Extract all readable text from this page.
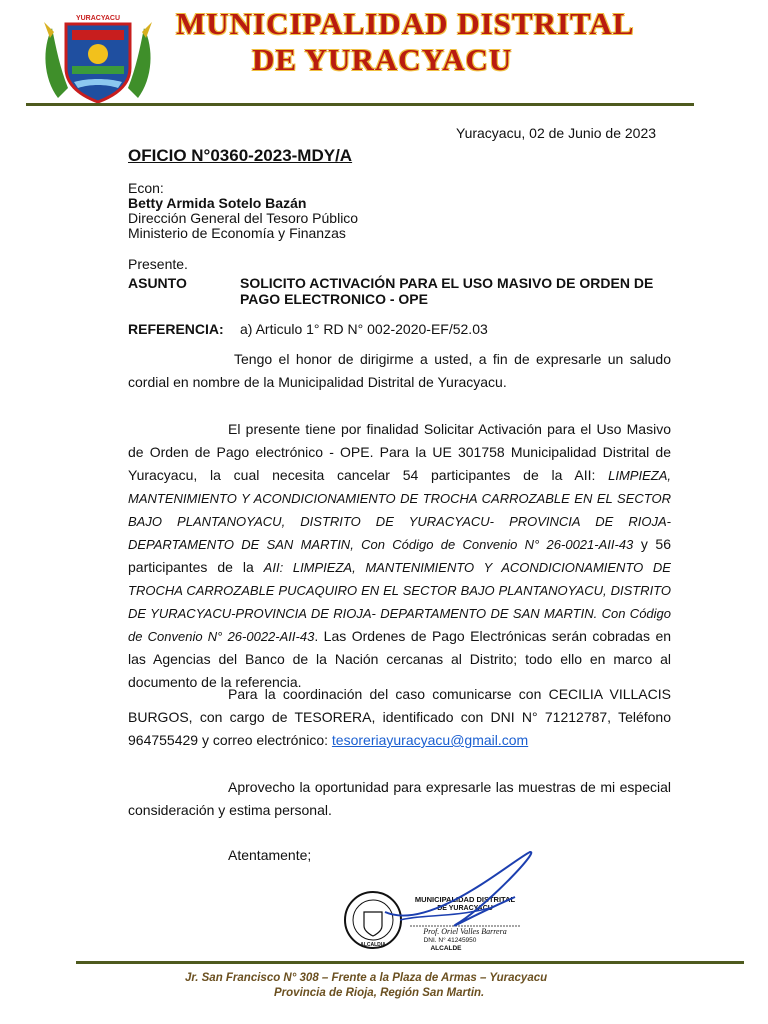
YURACYACU MUNICIPALIDAD DISTRITAL
DE YURACYACU
Yuracyacu, 02 de Junio de 2023
OFICIO N°0360-2023-MDY/A
Econ:
Betty Armida Sotelo Bazán
Dirección General del Tesoro Público
Ministerio de Economía y Finanzas
Presente.
ASUNTO	SOLICITO ACTIVACIÓN PARA EL USO MASIVO DE ORDEN DE PAGO ELECTRONICO - OPE
REFERENCIA: a) Articulo 1° RD N° 002-2020-EF/52.03
Tengo el honor de dirigirme a usted, a fin de expresarle un saludo cordial en nombre de la Municipalidad Distrital de Yuracyacu.
El presente tiene por finalidad Solicitar Activación para el Uso Masivo de Orden de Pago electrónico - OPE. Para la UE 301758 Municipalidad Distrital de Yuracyacu, la cual necesita cancelar 54 participantes de la AII: LIMPIEZA, MANTENIMIENTO Y ACONDICIONAMIENTO DE TROCHA CARROZABLE EN EL SECTOR BAJO PLANTANOYACU, DISTRITO DE YURACYACU- PROVINCIA DE RIOJA- DEPARTAMENTO DE SAN MARTIN, Con Código de Convenio N° 26-0021-AII-43 y 56 participantes de la AII: LIMPIEZA, MANTENIMIENTO Y ACONDICIONAMIENTO DE TROCHA CARROZABLE PUCAQUIRO EN EL SECTOR BAJO PLANTANOYACU, DISTRITO DE YURACYACU-PROVINCIA DE RIOJA- DEPARTAMENTO DE SAN MARTIN. Con Código de Convenio N° 26-0022-AII-43. Las Ordenes de Pago Electrónicas serán cobradas en las Agencias del Banco de la Nación cercanas al Distrito; todo ello en marco al documento de la referencia.
Para la coordinación del caso comunicarse con CECILIA VILLACIS BURGOS, con cargo de TESORERA, identificado con DNI N° 71212787, Teléfono 964755429 y correo electrónico: tesoreriayuracyacu@gmail.com
Aprovecho la oportunidad para expresarle las muestras de mi especial consideración y estima personal.
Atentamente;
ALCALDIA
MUNICIPALIDAD DISTRITAL
DE YURACYACU
Prof. Oriel Valles Barrera
DNI. N° 41245950
ALCALDE
Jr. San Francisco N° 308 – Frente a la Plaza de Armas – Yuracyacu
Provincia de Rioja, Región San Martin.
